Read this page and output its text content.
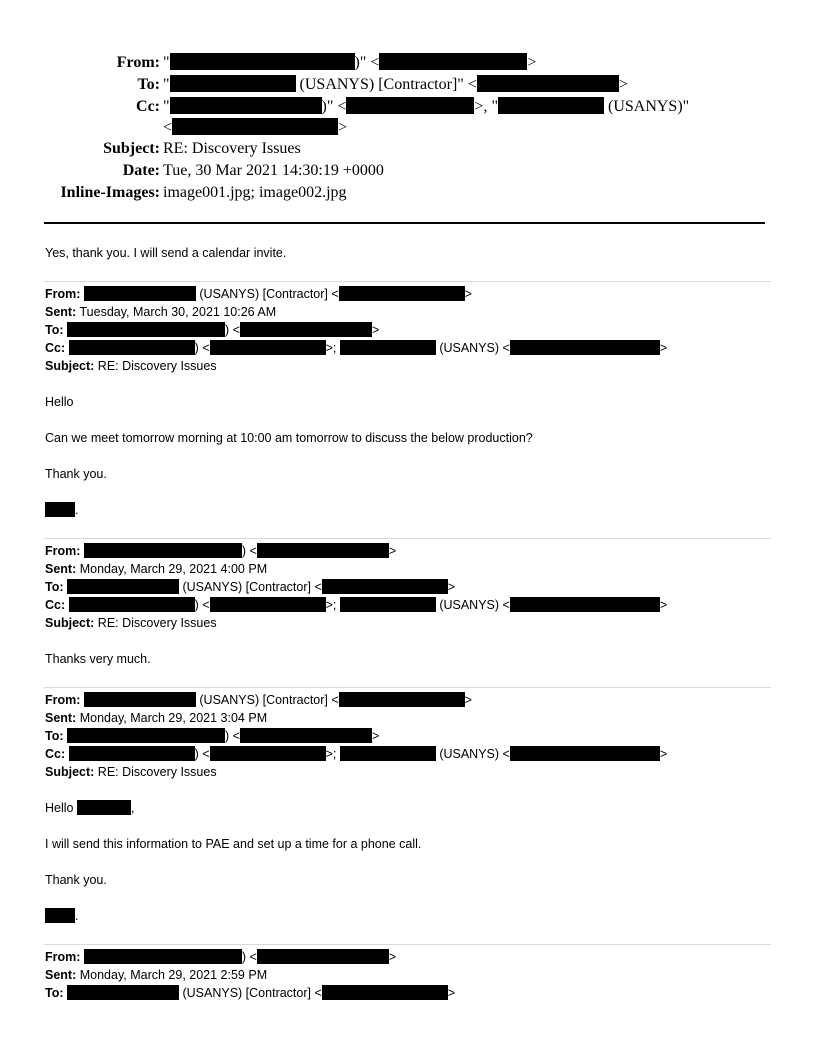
From: "	)" <	>
To: "	(USANYS) [Contractor]" <	>
Cc: "	)" <	>, "	(USANYS)"
<	>
Subject: RE: Discovery Issues
Date: Tue, 30 Mar 2021 14:30:19 +0000
Inline-Images: image001.jpg; image002.jpg
Yes, thank you. I will send a calendar invite.
From:	(USANYS) [Contractor] <	>
Sent: Tuesday, March 30, 2021 10:26 AM
To:	) <	>
Cc:	) <	>;	(USANYS) <	>
Subject: RE: Discovery Issues
Hello
Can we meet tomorrow morning at 10:00 am tomorrow to discuss the below production?
Thank you.
.
From:	) <	>
Sent: Monday, March 29, 2021 4:00 PM
To:	(USANYS) [Contractor] <	>
Cc:	) <	>;	(USANYS) <	>
Subject: RE: Discovery Issues
Thanks very much.
From:	(USANYS) [Contractor] <	>
Sent: Monday, March 29, 2021 3:04 PM
To:	) <	>
Cc:	) <	>;	(USANYS) <	>
Subject: RE: Discovery Issues
Hello	,
I will send this information to PAE and set up a time for a phone call.
Thank you.
.
From:	) <	>
Sent: Monday, March 29, 2021 2:59 PM
To:	(USANYS) [Contractor] <	>
